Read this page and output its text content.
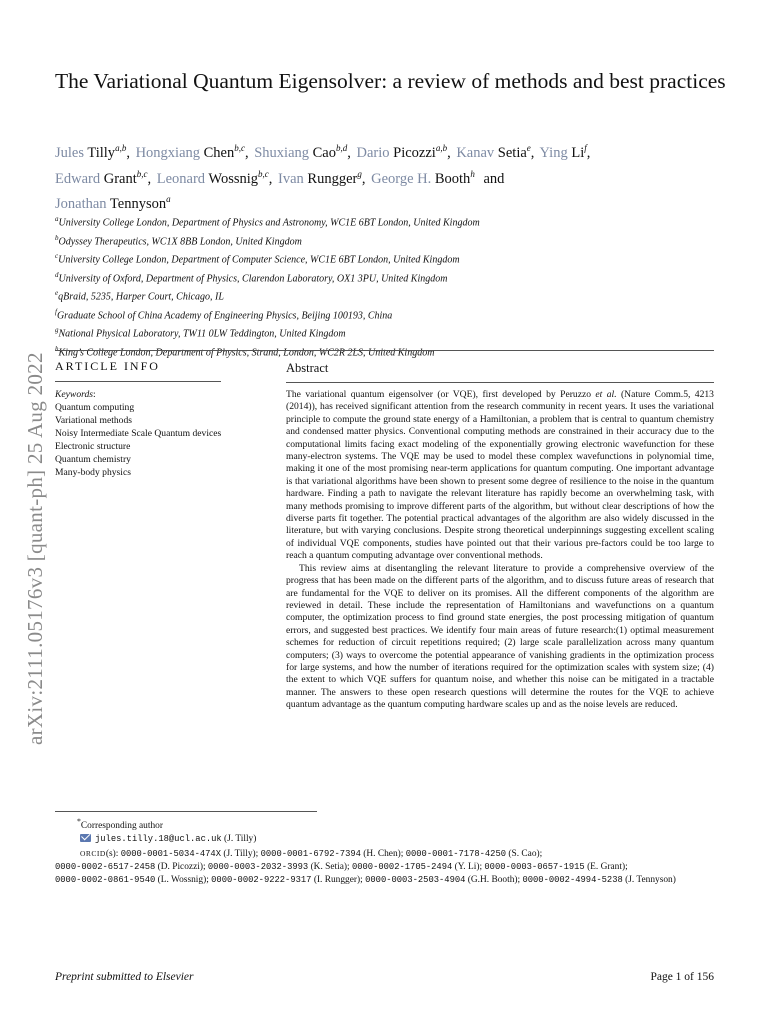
arXiv:2111.05176v3 [quant-ph] 25 Aug 2022
The Variational Quantum Eigensolver: a review of methods and best practices
Jules Tilly$^{a,b}$, Hongxiang Chen$^{b,c}$, Shuxiang Cao$^{b,d}$, Dario Picozzi$^{a,b}$, Kanav Setia$^e$, Ying Li$^f$,
Edward Grant$^{b,c}$, Leonard Wossnig$^{b,c}$, Ivan Rungger$^g$, George H. Booth$^h$ and
Jonathan Tennyson$^a$
$^a$University College London, Department of Physics and Astronomy, WC1E 6BT London, United Kingdom
$^b$Odyssey Therapeutics, WC1X 8BB London, United Kingdom
$^c$University College London, Department of Computer Science, WC1E 6BT London, United Kingdom
$^d$University of Oxford, Department of Physics, Clarendon Laboratory, OX1 3PU, United Kingdom
$^e$qBraid, 5235, Harper Court, Chicago, IL
$^f$Graduate School of China Academy of Engineering Physics, Beijing 100193, China
$^g$National Physical Laboratory, TW11 0LW Teddington, United Kingdom
$^h$King’s College London, Department of Physics, Strand, London, WC2R 2LS, United Kingdom
ARTICLE INFO
Keywords:
Quantum computing
Variational methods
Noisy Intermediate Scale Quantum devices
Electronic structure
Quantum chemistry
Many-body physics
Abstract

The variational quantum eigensolver (or VQE), first developed by Peruzzo et al. (Nature Comm.5, 4213 (2014)), has received significant attention from the research community in recent years. It uses the variational principle to compute the ground state energy of a Hamiltonian, a problem that is central to quantum chemistry and condensed matter physics. Conventional computing methods are constrained in their accuracy due to the computational limits facing exact modeling of the exponentially growing electronic wavefunction for these many-electron systems. The VQE may be used to model these complex wavefunctions in polynomial time, making it one of the most promising near-term applications for quantum computing. One important advantage is that variational algorithms have been shown to present some degree of resilience to the noise in the quantum hardware. Finding a path to navigate the relevant literature has rapidly become an overwhelming task, with many methods promising to improve different parts of the algorithm, but without clear descriptions of how the diverse parts fit together. The potential practical advantages of the algorithm are also widely discussed in the literature, but with varying conclusions. Despite strong theoretical underpinnings suggesting excellent scaling of individual VQE components, studies have pointed out that their various pre-factors could be too large to reach a quantum computing advantage over conventional methods.

This review aims at disentangling the relevant literature to provide a comprehensive overview of the progress that has been made on the different parts of the algorithm, and to discuss future areas of research that are fundamental for the VQE to deliver on its promises. All the different components of the algorithm are reviewed in detail. These include the representation of Hamiltonians and wavefunctions on a quantum computer, the optimization process to find ground state energies, the post processing mitigation of quantum errors, and suggested best practices. We identify four main areas of future research:(1) optimal measurement schemes for reduction of circuit repetitions required; (2) large scale parallelization across many quantum computers; (3) ways to overcome the potential appearance of vanishing gradients in the optimization process for large systems, and how the number of iterations required for the optimization scales with system size; (4) the extent to which VQE suffers for quantum noise, and whether this noise can be mitigated in a tractable manner. The answers to these open research questions will determine the routes for the VQE to achieve quantum advantage as the quantum computing hardware scales up and as the noise levels are reduced.

*Corresponding author
jules.tilly.18@ucl.ac.uk (J. Tilly)
ORCID(s): 0000-0001-5034-474X (J. Tilly); 0000-0001-6792-7394 (H. Chen); 0000-0001-7178-4250 (S. Cao);
0000-0002-6517-2458 (D. Picozzi); 0000-0003-2032-3993 (K. Setia); 0000-0002-1705-2494 (Y. Li); 0000-0003-0657-1915 (E. Grant);
0000-0002-0861-9540 (L. Wossnig); 0000-0002-9222-9317 (I. Rungger); 0000-0003-2503-4904 (G.H. Booth); 0000-0002-4994-5238 (J. Tennyson)
Preprint submitted to Elsevier	Page 1 of 156
